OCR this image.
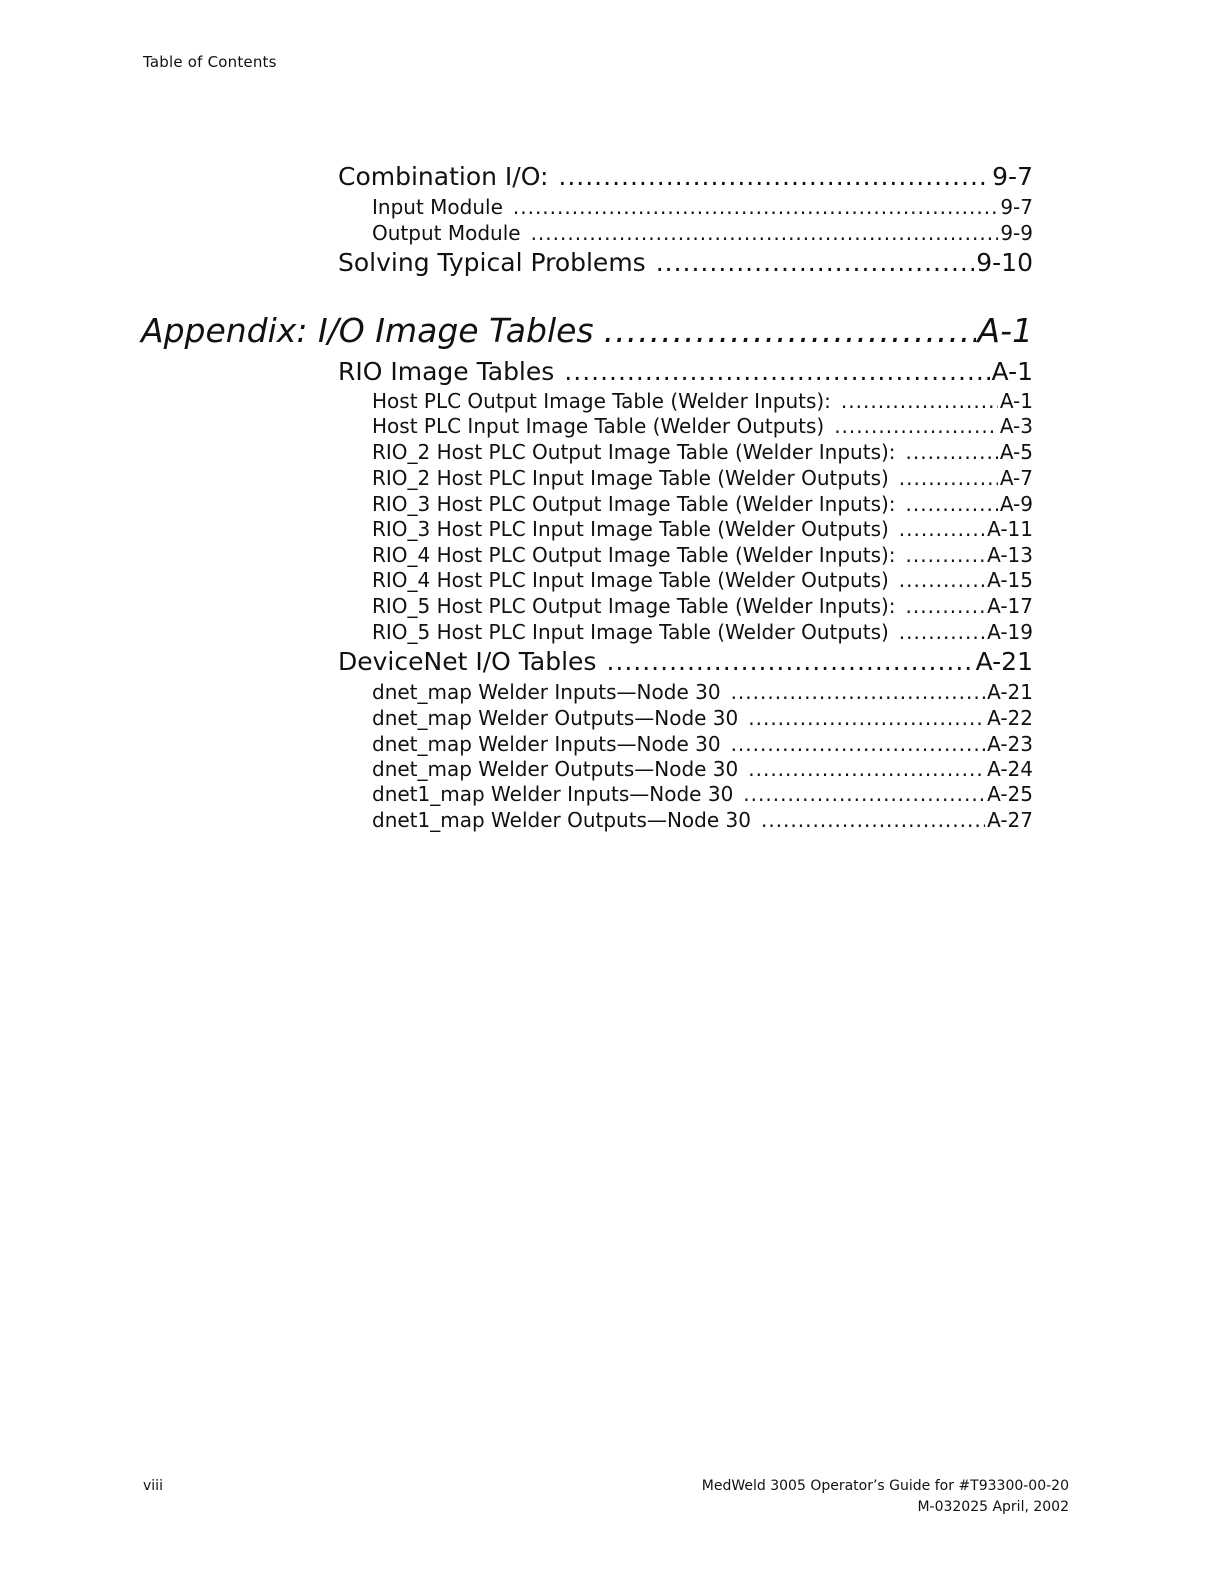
Table of Contents
Combination I/O: .....	9-7
Input Module .....	9-7
Output Module .....	9-9
Solving Typical Problems .....	9-10
Appendix: I/O Image Tables .....	A-1
RIO Image Tables .....	A-1
Host PLC Output Image Table (Welder Inputs): .....	A-1
Host PLC Input Image Table (Welder Outputs) .....	A-3
RIO_2 Host PLC Output Image Table (Welder Inputs): .....	A-5
RIO_2 Host PLC Input Image Table (Welder Outputs) .....	A-7
RIO_3 Host PLC Output Image Table (Welder Inputs): .....	A-9
RIO_3 Host PLC Input Image Table (Welder Outputs) .....	A-11
RIO_4 Host PLC Output Image Table (Welder Inputs): .....	A-13
RIO_4 Host PLC Input Image Table (Welder Outputs) .....	A-15
RIO_5 Host PLC Output Image Table (Welder Inputs): .....	A-17
RIO_5 Host PLC Input Image Table (Welder Outputs) .....	A-19
DeviceNet I/O Tables .....	A-21
dnet_map Welder Inputs—Node 30 .....	A-21
dnet_map Welder Outputs—Node 30 .....	A-22
dnet_map Welder Inputs—Node 30 .....	A-23
dnet_map Welder Outputs—Node 30 .....	A-24
dnet1_map Welder Inputs—Node 30 .....	A-25
dnet1_map Welder Outputs—Node 30 .....	A-27
viii	MedWeld 3005 Operator’s Guide for #T93300-00-20
M-032025 April, 2002
